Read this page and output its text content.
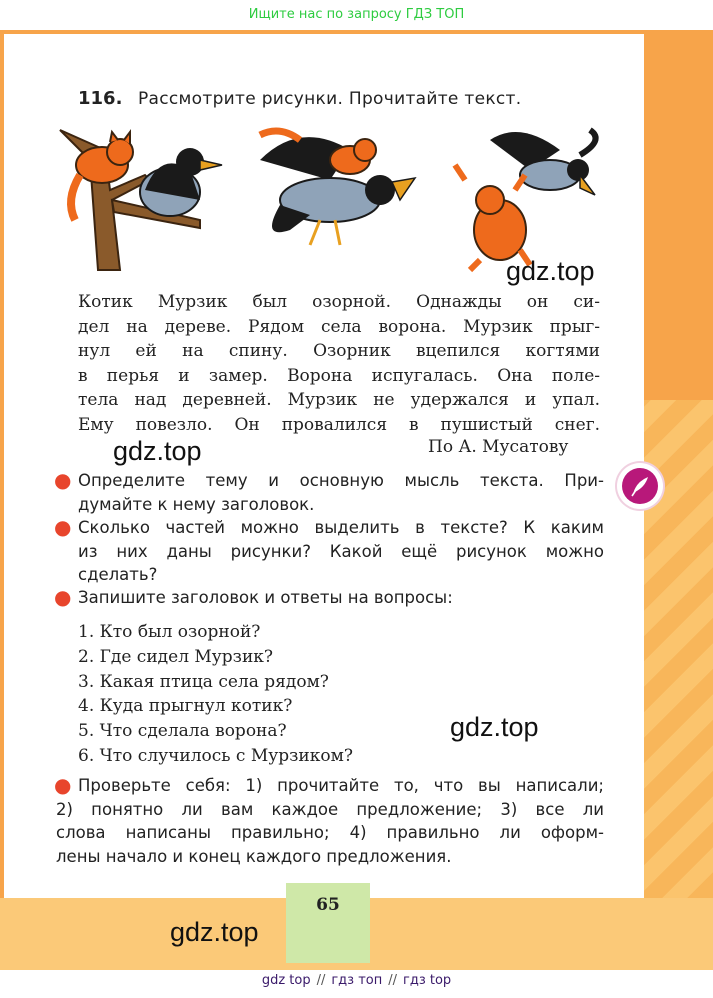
Ищите нас по запросу ГДЗ ТОП
116. Рассмотрите рисунки. Прочитайте текст.
gdz.top
Котик Мурзик был озорной. Однажды он си-
дел на дереве. Рядом села ворона. Мурзик прыг-
нул ей на спину. Озорник вцепился когтями
в перья и замер. Ворона испугалась. Она поле-
тела над деревней. Мурзик не удержался и упал.
Ему повезло. Он провалился в пушистый снег.
По А. Мусатову
gdz.top
● Определите тему и основную мысль текста. При-
думайте к нему заголовок.
● Сколько частей можно выделить в тексте? К каким
из них даны рисунки? Какой ещё рисунок можно
сделать?
● Запишите заголовок и ответы на вопросы:
1. Кто был озорной?
2. Где сидел Мурзик?
3. Какая птица села рядом?
4. Куда прыгнул котик?
5. Что сделала ворона?
6. Что случилось с Мурзиком?
gdz.top
● Проверьте себя: 1) прочитайте то, что вы написали;
2) понятно ли вам каждое предложение; 3) все ли
слова написаны правильно; 4) правильно ли оформ-
лены начало и конец каждого предложения.
65
gdz.top
gdz top // гдз топ // гдз top
